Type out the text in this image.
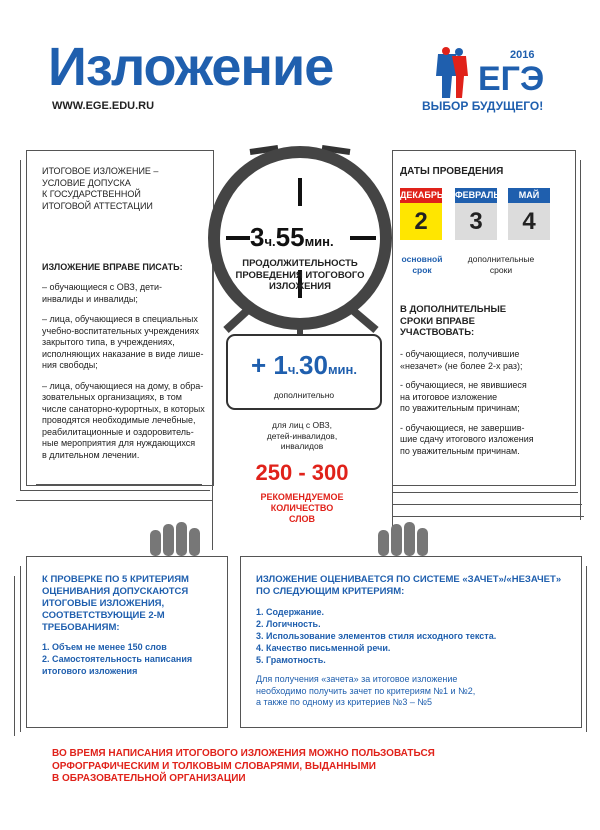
Изложение
WWW.EGE.EDU.RU
2016
ЕГЭ
ВЫБОР БУДУЩЕГО!
ИТОГОВОЕ ИЗЛОЖЕНИЕ –
УСЛОВИЕ ДОПУСКА
К ГОСУДАРСТВЕННОЙ
ИТОГОВОЙ АТТЕСТАЦИИ
ИЗЛОЖЕНИЕ ВПРАВЕ ПИСАТЬ:

– обучающиеся с ОВЗ, дети-
инвалиды и инвалиды;

– лица, обучающиеся в специальных
учебно-воспитательных учреждениях
закрытого типа, в учреждениях,
исполняющих наказание в виде лише-
ния свободы;

– лица, обучающиеся на дому, в обра-
зовательных организациях, в том
числе санаторно-курортных, в которых
проводятся необходимые лечебные,
реабилитационные и оздоровитель-
ные мероприятия для нуждающихся
в длительном лечении.

3ч.55мин.
ПРОДОЛЖИТЕЛЬНОСТЬ
ПРОВЕДЕНИЯ ИТОГОВОГО
ИЗЛОЖЕНИЯ
+ 1ч.30мин.
дополнительно
для лиц с ОВЗ,
детей-инвалидов,
инвалидов
250 - 300
РЕКОМЕНДУЕМОЕ
КОЛИЧЕСТВО
СЛОВ
ДАТЫ ПРОВЕДЕНИЯ
ДЕКАБРЬ
2
ФЕВРАЛЬ
3
МАЙ
4
основной
срок
дополнительные
сроки
В ДОПОЛНИТЕЛЬНЫЕ
СРОКИ ВПРАВЕ
УЧАСТВОВАТЬ:

- обучающиеся, получившие
«незачет» (не более 2-х раз);

- обучающиеся, не явившиеся
на итоговое изложение
по уважительным причинам;

- обучающиеся, не завершив-
шие сдачу итогового изложения
по уважительным причинам.

К ПРОВЕРКЕ ПО 5 КРИТЕРИЯМ
ОЦЕНИВАНИЯ ДОПУСКАЮТСЯ
ИТОГОВЫЕ ИЗЛОЖЕНИЯ,
СООТВЕТСТВУЮЩИЕ 2-М
ТРЕБОВАНИЯМ:

1. Объем не менее 150 слов

2. Самостоятельность написания

итогового изложения

ИЗЛОЖЕНИЕ ОЦЕНИВАЕТСЯ ПО СИСТЕМЕ «ЗАЧЕТ»/«НЕЗАЧЕТ»
ПО СЛЕДУЮЩИМ КРИТЕРИЯМ:

1. Содержание.

2. Логичность.

3. Использование элементов стиля исходного текста.

4. Качество письменной речи.

5. Грамотность.

Для получения «зачета» за итоговое изложение
необходимо получить зачет по критериям №1 и №2,
а также по одному из критериев №3 – №5
ВО ВРЕМЯ НАПИСАНИЯ ИТОГОВОГО ИЗЛОЖЕНИЯ МОЖНО ПОЛЬЗОВАТЬСЯ
ОРФОГРАФИЧЕСКИМ И ТОЛКОВЫМ СЛОВАРЯМИ, ВЫДАННЫМИ
В ОБРАЗОВАТЕЛЬНОЙ ОРГАНИЗАЦИИ
